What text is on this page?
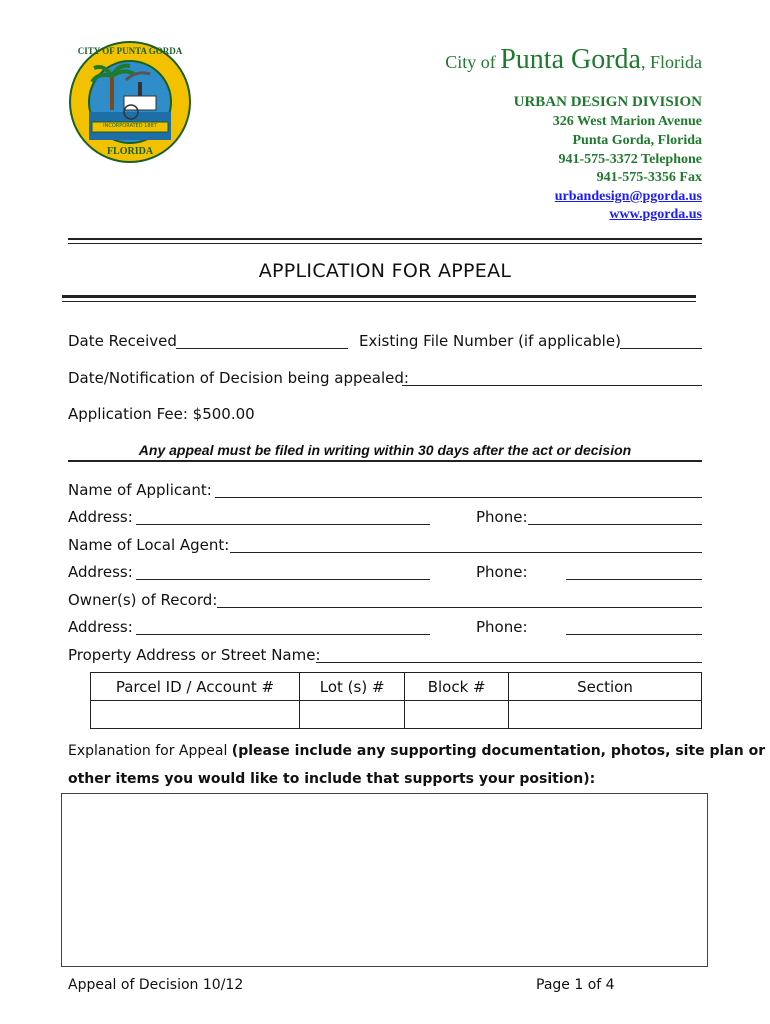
INCORPORATED 1887
CITY OF PUNTA GORDA
FLORIDA
City of Punta Gorda, Florida
URBAN DESIGN DIVISION
326 West Marion Avenue
Punta Gorda, Florida
941-575-3372 Telephone
941-575-3356 Fax
urbandesign@pgorda.us
www.pgorda.us
APPLICATION FOR APPEAL
Date Received	Existing File Number (if applicable)
Date/Notification of Decision being appealed:
Application Fee: $500.00
Any appeal must be filed in writing within 30 days after the act or decision
Name of Applicant:
Address:	Phone:
Name of Local Agent:
Address:	Phone:
Owner(s) of Record:
Address:	Phone:
Property Address or Street Name:
Parcel ID / Account #	Lot (s) #	Block #	Section

Explanation for Appeal (please include any supporting documentation, photos, site plan or
other items you would like to include that supports your position):
Appeal of Decision 10/12	Page 1 of 4
